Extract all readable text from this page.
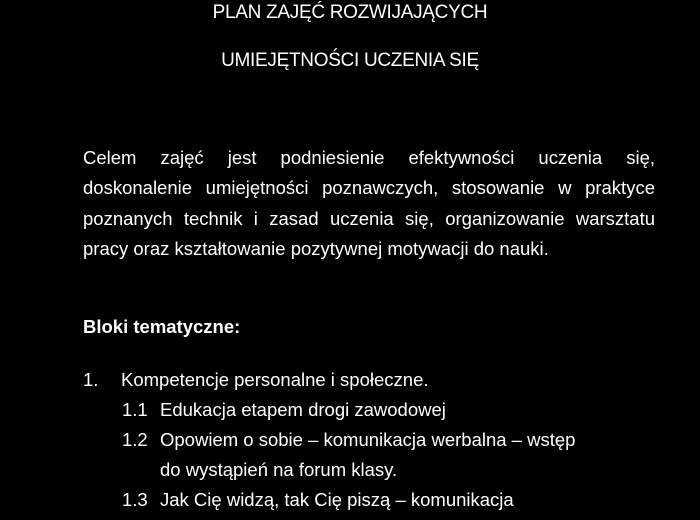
PLAN ZAJĘĆ ROZWIJAJĄCYCH
UMIEJĘTNOŚCI UCZENIA SIĘ
Celem zajęć jest podniesienie efektywności uczenia się, doskonalenie umiejętności poznawczych, stosowanie w praktyce poznanych technik i zasad uczenia się, organizowanie warsztatu pracy oraz kształtowanie pozytywnej motywacji do nauki.
Bloki tematyczne:
1. Kompetencje personalne i społeczne.
1.1 Edukacja etapem drogi zawodowej
1.2 Opowiem o sobie – komunikacja werbalna – wstęp
do wystąpień na forum klasy.
1.3 Jak Cię widzą, tak Cię piszą – komunikacja
